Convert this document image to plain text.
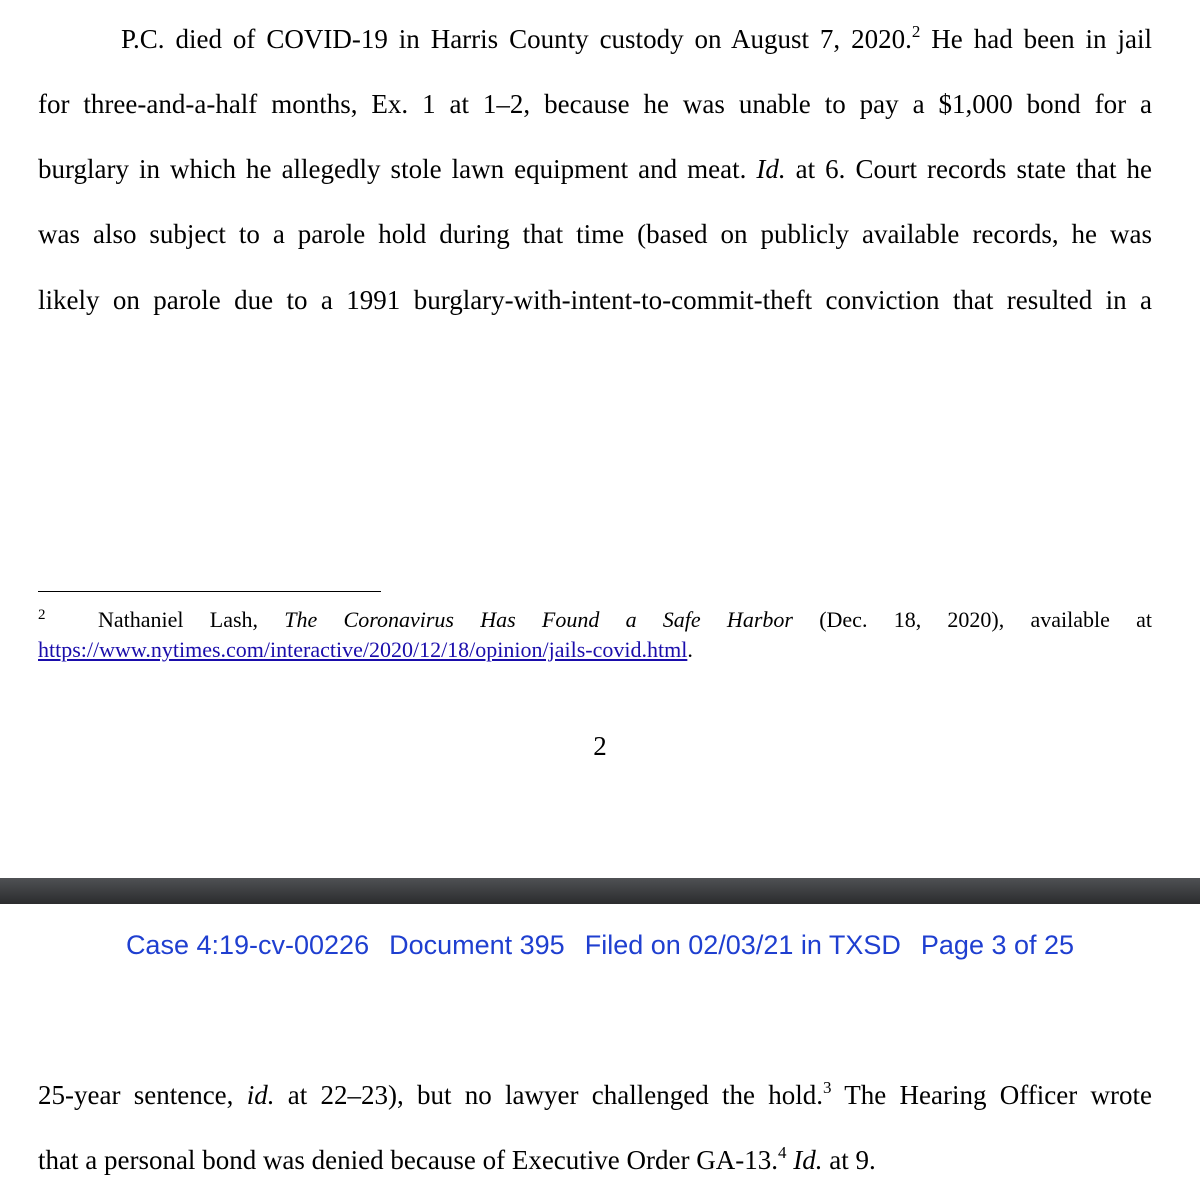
P.C. died of COVID-19 in Harris County custody on August 7, 2020.$^2$ He had been in jail
for three-and-a-half months, Ex. 1 at 1–2, because he was unable to pay a $1,000 bond for a
burglary in which he allegedly stole lawn equipment and meat. Id. at 6. Court records state that he
was also subject to a parole hold during that time (based on publicly available records, he was
likely on parole due to a 1991 burglary-with-intent-to-commit-theft conviction that resulted in a
$^2$ Nathaniel Lash, The Coronavirus Has Found a Safe Harbor (Dec. 18, 2020), available at
https://www.nytimes.com/interactive/2020/12/18/opinion/jails-covid.html.
2
Case 4:19-cv-00226 Document 395 Filed on 02/03/21 in TXSD Page 3 of 25
25-year sentence, id. at 22–23), but no lawyer challenged the hold.$^3$ The Hearing Officer wrote
that a personal bond was denied because of Executive Order GA-13.$^4$ Id. at 9.
